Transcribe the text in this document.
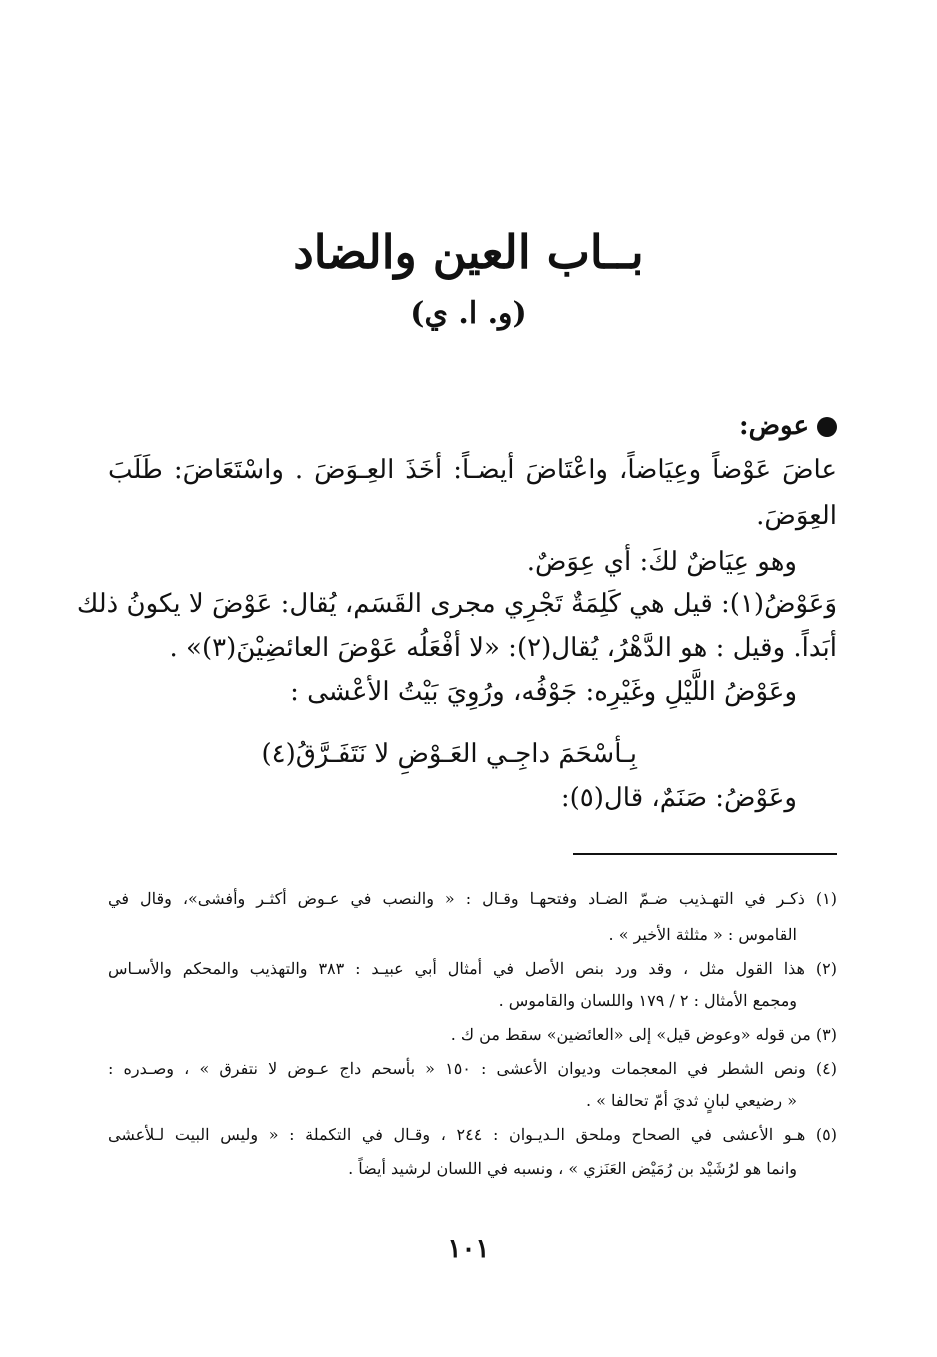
بــاب العين والضاد
(و. ا. ي)
عوض:
عاضَ عَوْضاً وعِيَاضاً، واعْتَاضَ أيضـاً: أخَذَ العِـوَضَ . واسْتَعَاضَ: طَلَبَ
العِوَضَ.
وهو عِيَاضٌ لكَ: أي عِوَضٌ.
وَعَوْضُ(١): قيل هي كَلِمَةٌ تَجْرِي مجرى القَسَم، يُقال: عَوْضَ لا يكونُ ذلك
أبَداً. وقيل : هو الدَّهْرُ، يُقال(٢): «لا أفْعَلُه عَوْضَ العائضِيْنَ(٣)» .
وعَوْضُ اللَّيْلِ وغَيْرِه: جَوْفُه، ورُوِيَ بَيْتُ الأعْشى :
بِـأسْحَمَ داجِـي العَـوْضِ لا نَتَفَـرَّقُ(٤)
وعَوْضُ: صَنَمٌ، قال(٥):
(١) ذكـر في التهـذيب ضـمّ الضـاد وفتحهـا وقـال : « والنصب في عـوض أكثـر وأفشى»، وقال في
القاموس : « مثلثة الأخير » .
(٢) هذا القول مثل ، وقد ورد بنص الأصل في أمثال أبي عبيـد : ٣٨٣ والتهذيب والمحكم والأسـاس
ومجمع الأمثال : ٢ / ١٧٩ واللسان والقاموس .
(٣) من قوله «وعوض قيل» إلى «العائضين» سقط من ك .
(٤) ونص الشطر في المعجمات وديوان الأعشى : ١٥٠ « بأسحم داج عـوض لا نتفرق » ، وصـدره :
« رضيعي لبانٍ ثديَ أمّ تحالفا » .
(٥) هـو الأعشى في الصحاح وملحق الـديـوان : ٢٤٤ ، وقـال في التكملة : « وليس البيت لـلأعشى
وانما هو لرُشَيْد بن رُمَيْض العَنَزي » ، ونسبه في اللسان لرشيد أيضاً .
١٠١
